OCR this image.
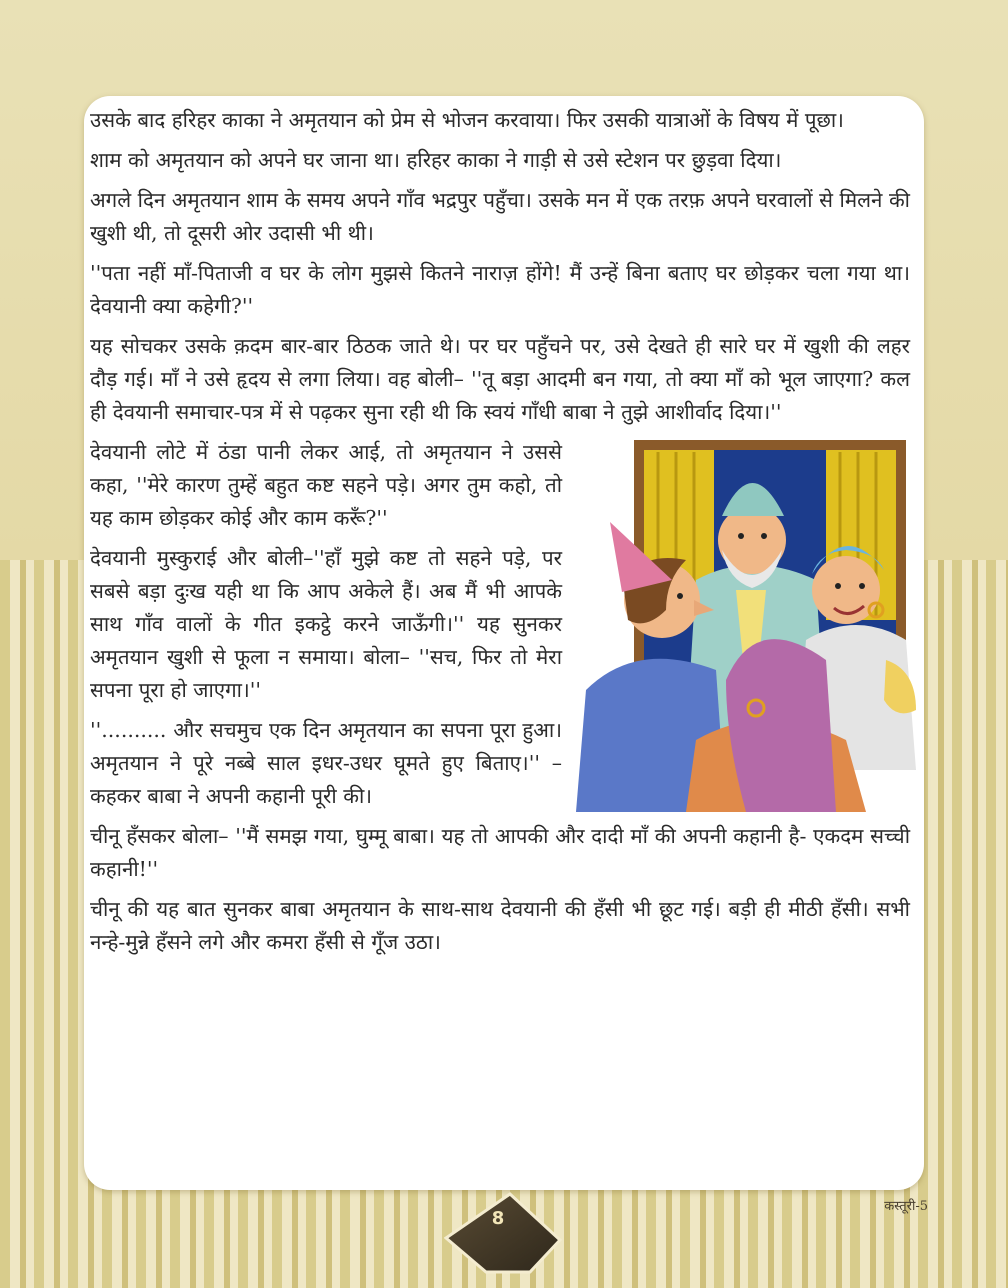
उसके बाद हरिहर काका ने अमृतयान को प्रेम से भोजन करवाया। फिर उसकी यात्राओं के विषय में पूछा।

शाम को अमृतयान को अपने घर जाना था। हरिहर काका ने गाड़ी से उसे स्टेशन पर छुड़वा दिया।

अगले दिन अमृतयान शाम के समय अपने गाँव भद्रपुर पहुँचा। उसके मन में एक तरफ़ अपने घरवालों से मिलने की खुशी थी, तो दूसरी ओर उदासी भी थी।

''पता नहीं माँ-पिताजी व घर के लोग मुझसे कितने नाराज़ होंगे! मैं उन्हें बिना बताए घर छोड़कर चला गया था। देवयानी क्या कहेगी?''

यह सोचकर उसके क़दम बार-बार ठिठक जाते थे। पर घर पहुँचने पर, उसे देखते ही सारे घर में खुशी की लहर दौड़ गई। माँ ने उसे हृदय से लगा लिया। वह बोली– ''तू बड़ा आदमी बन गया, तो क्या माँ को भूल जाएगा? कल ही देवयानी समाचार-पत्र में से पढ़कर सुना रही थी कि स्वयं गाँधी बाबा ने तुझे आशीर्वाद दिया।''

देवयानी लोटे में ठंडा पानी लेकर आई, तो अमृतयान ने उससे कहा, ''मेरे कारण तुम्हें बहुत कष्ट सहने पड़े। अगर तुम कहो, तो यह काम छोड़कर कोई और काम करूँ?''

देवयानी मुस्कुराई और बोली–''हाँ मुझे कष्ट तो सहने पड़े, पर सबसे बड़ा दुःख यही था कि आप अकेले हैं। अब मैं भी आपके साथ गाँव वालों के गीत इकट्ठे करने जाऊँगी।'' यह सुनकर अमृतयान खुशी से फूला न समाया। बोला– ''सच, फिर तो मेरा सपना पूरा हो जाएगा।''

''.......... और सचमुच एक दिन अमृतयान का सपना पूरा हुआ। अमृतयान ने पूरे नब्बे साल इधर-उधर घूमते हुए बिताए।'' – कहकर बाबा ने अपनी कहानी पूरी की।

चीनू हँसकर बोला– ''मैं समझ गया, घुम्मू बाबा। यह तो आपकी और दादी माँ की अपनी कहानी है- एकदम सच्ची कहानी!''

चीनू की यह बात सुनकर बाबा अमृतयान के साथ-साथ देवयानी की हँसी भी छूट गई। बड़ी ही मीठी हँसी। सभी नन्हे-मुन्ने हँसने लगे और कमरा हँसी से गूँज उठा।

8
कस्तूरी-5
